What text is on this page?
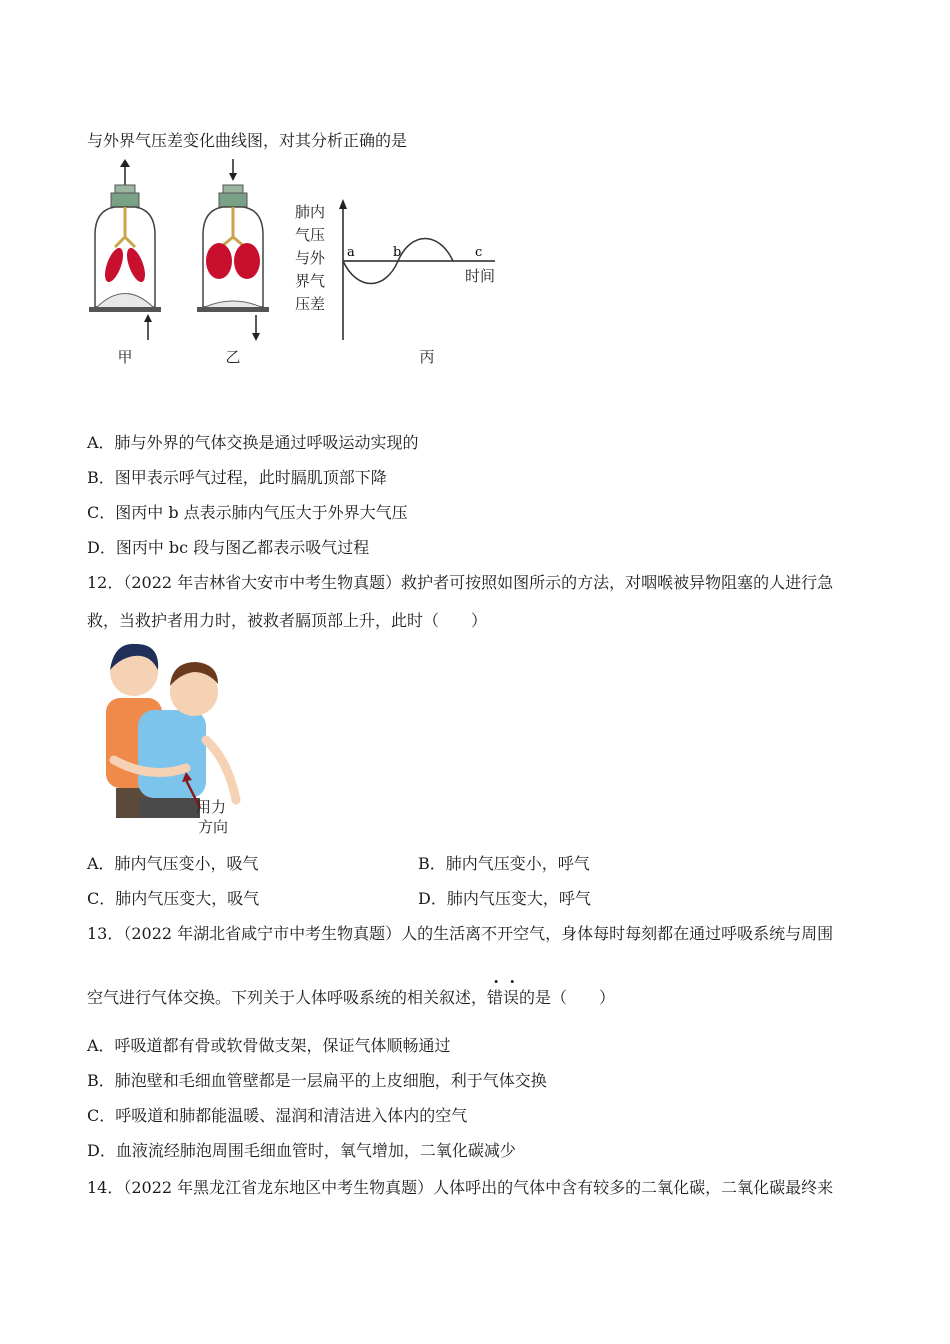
与外界气压差变化曲线图，对其分析正确的是
甲	乙
肺内
气压
与外
界气
压差
a	b	c
时间
丙
A．肺与外界的气体交换是通过呼吸运动实现的
B．图甲表示呼气过程，此时膈肌顶部下降
C．图丙中 b 点表示肺内气压大于外界大气压
D．图丙中 bc 段与图乙都表示吸气过程
12．（2022 年吉林省大安市中考生物真题）救护者可按照如图所示的方法，对咽喉被异物阻塞的人进行急
救，当救护者用力时，被救者膈顶部上升，此时（　　）
用力
方向
A．肺内气压变小，吸气	B．肺内气压变小，呼气
C．肺内气压变大，吸气	D．肺内气压变大，呼气
13．（2022 年湖北省咸宁市中考生物真题）人的生活离不开空气，身体每时每刻都在通过呼吸系统与周围
空气进行气体交换。下列关于人体呼吸系统的相关叙述，错误的是（　　）
A．呼吸道都有骨或软骨做支架，保证气体顺畅通过
B．肺泡壁和毛细血管壁都是一层扁平的上皮细胞，利于气体交换
C．呼吸道和肺都能温暖、湿润和清洁进入体内的空气
D．血液流经肺泡周围毛细血管时，氧气增加，二氧化碳减少
14．（2022 年黑龙江省龙东地区中考生物真题）人体呼出的气体中含有较多的二氧化碳，二氧化碳最终来
